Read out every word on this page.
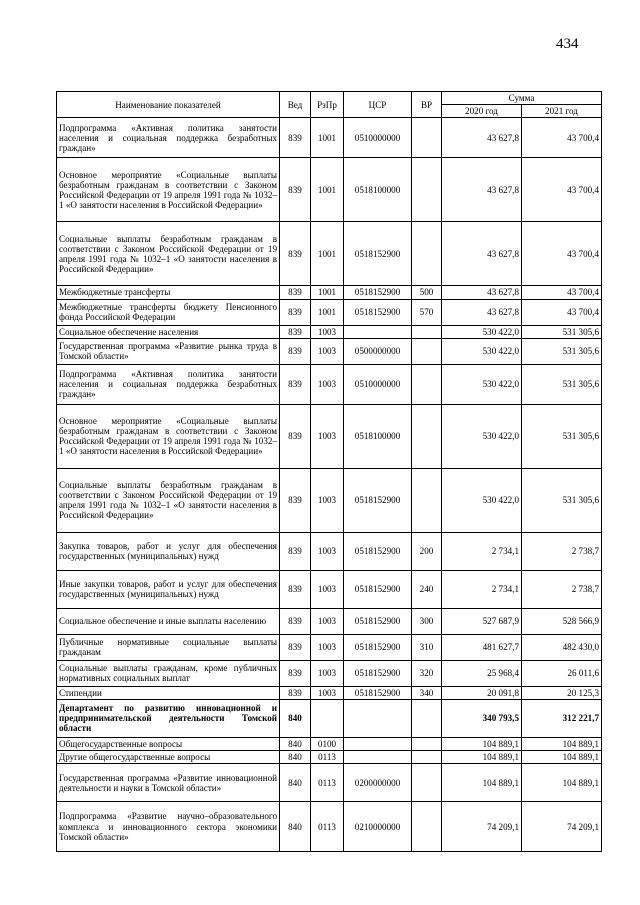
434
Наименование показателей	Вед	РзПр	ЦСР	ВР	Сумма	
					2020 год	2021 год
Подпрограмма «Активная политика занятости населения и социальная поддержка безработных граждан»	839	1001	0510000000		43 627,8	43 700,4
Основное мероприятие «Социальные выплаты безработным гражданам в соответствии с Законом Российской Федерации от 19 апреля 1991 года № 1032–1 «О занятости населения в Российской Федерации»	839	1001	0518100000		43 627,8	43 700,4
Социальные выплаты безработным гражданам в соответствии с Законом Российской Федерации от 19 апреля 1991 года № 1032–1 «О занятости населения в Российской Федерации»	839	1001	0518152900		43 627,8	43 700,4
Межбюджетные трансферты	839	1001	0518152900	500	43 627,8	43 700,4
Межбюджетные трансферты бюджету Пенсионного фонда Российской Федерации	839	1001	0518152900	570	43 627,8	43 700,4
Социальное обеспечение населения	839	1003			530 422,0	531 305,6
Государственная программа «Развитие рынка труда в Томской области»	839	1003	0500000000		530 422,0	531 305,6
Подпрограмма «Активная политика занятости населения и социальная поддержка безработных граждан»	839	1003	0510000000		530 422,0	531 305,6
Основное мероприятие «Социальные выплаты безработным гражданам в соответствии с Законом Российской Федерации от 19 апреля 1991 года № 1032–1 «О занятости населения в Российской Федерации»	839	1003	0518100000		530 422,0	531 305,6
Социальные выплаты безработным гражданам в соответствии с Законом Российской Федерации от 19 апреля 1991 года № 1032–1 «О занятости населения в Российской Федерации»	839	1003	0518152900		530 422,0	531 305,6
Закупка товаров, работ и услуг для обеспечения государственных (муниципальных) нужд	839	1003	0518152900	200	2 734,1	2 738,7
Иные закупки товаров, работ и услуг для обеспечения государственных (муниципальных) нужд	839	1003	0518152900	240	2 734,1	2 738,7
Социальное обеспечение и иные выплаты населению	839	1003	0518152900	300	527 687,9	528 566,9
Публичные нормативные социальные выплаты гражданам	839	1003	0518152900	310	481 627,7	482 430,0
Социальные выплаты гражданам, кроме публичных нормативных социальных выплат	839	1003	0518152900	320	25 968,4	26 011,6
Стипендии	839	1003	0518152900	340	20 091,8	20 125,3
Департамент по развитию инновационной и предпринимательской деятельности Томской области	840				340 793,5	312 221,7
Общегосударственные вопросы	840	0100			104 889,1	104 889,1
Другие общегосударственные вопросы	840	0113			104 889,1	104 889,1
Государственная программа «Развитие инновационной деятельности и науки в Томской области»	840	0113	0200000000		104 889,1	104 889,1
Подпрограмма «Развитие научно–образовательного комплекса и инновационного сектора экономики Томской области»	840	0113	0210000000		74 209,1	74 209,1
